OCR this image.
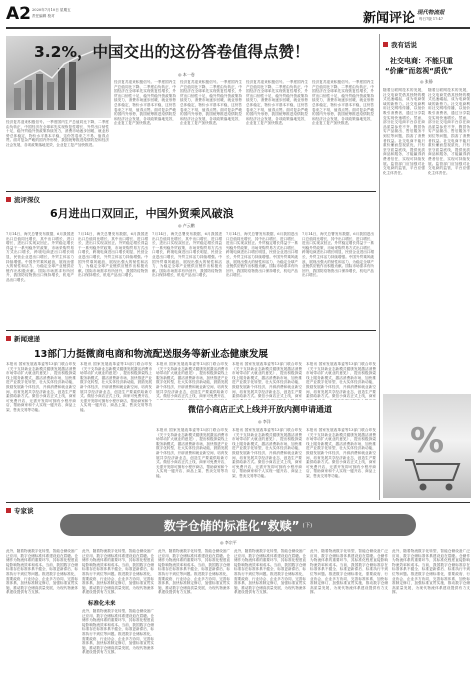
A2 2020年7月10日 星期五
责任编辑 校对	新闻评论 现代物流报
每日7版 17:47
3.2%，中国交出的这份答卷值得点赞！
◎ 本一卷
经济复苏迎来积极信号。一季度国内生产总值同比下降，二季度由负转正，中国经济在全球率先实现恢复性增长，外贸出口韧性十足，稳外贸稳外资政策持续发力，消费市场逐步回暖，就业形势总体稳定，物价水平基本平稳，这份答卷来之不易，值得点赞。面对复杂严峻的国内外形势，我国统筹推进疫情防控和经济社会发展，各项政策落地见效，企业复工复产加快推进。
经济复苏迎来积极信号。一季度国内生产总值同比下降，二季度由负转正，中国经济在全球率先实现恢复性增长，外贸出口韧性十足，稳外贸稳外资政策持续发力，消费市场逐步回暖，就业形势总体稳定，物价水平基本平稳，这份答卷来之不易，值得点赞。面对复杂严峻的国内外形势，我国统筹推进疫情防控和经济社会发展，各项政策落地见效，企业复工复产加快推进。
经济复苏迎来积极信号。一季度国内生产总值同比下降，二季度由负转正，中国经济在全球率先实现恢复性增长，外贸出口韧性十足，稳外贸稳外资政策持续发力，消费市场逐步回暖，就业形势总体稳定，物价水平基本平稳，这份答卷来之不易，值得点赞。面对复杂严峻的国内外形势，我国统筹推进疫情防控和经济社会发展，各项政策落地见效，企业复工复产加快推进。
经济复苏迎来积极信号。一季度国内生产总值同比下降，二季度由负转正，中国经济在全球率先实现恢复性增长，外贸出口韧性十足，稳外贸稳外资政策持续发力，消费市场逐步回暖，就业形势总体稳定，物价水平基本平稳，这份答卷来之不易，值得点赞。面对复杂严峻的国内外形势，我国统筹推进疫情防控和经济社会发展，各项政策落地见效，企业复工复产加快推进。
经济复苏迎来积极信号。一季度国内生产总值同比下降，二季度由负转正，中国经济在全球率先实现恢复性增长，外贸出口韧性十足，稳外贸稳外资政策持续发力，消费市场逐步回暖，就业形势总体稳定，物价水平基本平稳，这份答卷来之不易，值得点赞。面对复杂严峻的国内外形势，我国统筹推进疫情防控和经济社会发展，各项政策落地见效，企业复工复产加快推进。
我有话说
社交电商：不能只重
“价廉”而忽视“质优”
◎ 张静
随着互联网技术的发展，社交电商凭借其独特的模式迅速崛起，成为电商领域的新势力。社交电商利用社交网络传播，以低价吸引消费者，通过分享裂变实现快速增长。然而，部分社交电商平台存在商品质量参差不齐、假冒伪劣产品频出、售后服务不到位等问题，损害了消费者权益。社交电商不能只重价廉而忽视质优，只有坚守质量底线，提供优质商品和服务，才能赢得消费者信任，实现可持续发展。监管部门应加强对社交电商的监管，平台应强化主体责任。
随着互联网技术的发展，社交电商凭借其独特的模式迅速崛起，成为电商领域的新势力。社交电商利用社交网络传播，以低价吸引消费者，通过分享裂变实现快速增长。然而，部分社交电商平台存在商品质量参差不齐、假冒伪劣产品频出、售后服务不到位等问题，损害了消费者权益。社交电商不能只重价廉而忽视质优，只有坚守质量底线，提供优质商品和服务，才能赢得消费者信任，实现可持续发展。监管部门应加强对社交电商的监管，平台应强化主体责任。
%
流评深仪
6月进出口双回正，中国外贸乘风破浪
◎ 卢云鹏
7月14日，海关总署发布数据，6月我国进出口总值同比增长，其中出口增长，进口增长，进出口实现双回正。外贸稳定增长得益于一系列稳外贸政策，市场采购贸易方式出口增长，跨境电商进出口增长明显，民营企业进出口增长，外贸主体活力持续增强。中国外贸乘风破浪，展现出强大的韧性和活力，为稳定全球产业链供应链作出积极贡献。国际市场需求有所回升，我国防疫物资出口保持增长，机电产品出口增长。
7月14日，海关总署发布数据，6月我国进出口总值同比增长，其中出口增长，进口增长，进出口实现双回正。外贸稳定增长得益于一系列稳外贸政策，市场采购贸易方式出口增长，跨境电商进出口增长明显，民营企业进出口增长，外贸主体活力持续增强。中国外贸乘风破浪，展现出强大的韧性和活力，为稳定全球产业链供应链作出积极贡献。国际市场需求有所回升，我国防疫物资出口保持增长，机电产品出口增长。
7月14日，海关总署发布数据，6月我国进出口总值同比增长，其中出口增长，进口增长，进出口实现双回正。外贸稳定增长得益于一系列稳外贸政策，市场采购贸易方式出口增长，跨境电商进出口增长明显，民营企业进出口增长，外贸主体活力持续增强。中国外贸乘风破浪，展现出强大的韧性和活力，为稳定全球产业链供应链作出积极贡献。国际市场需求有所回升，我国防疫物资出口保持增长，机电产品出口增长。
7月14日，海关总署发布数据，6月我国进出口总值同比增长，其中出口增长，进口增长，进出口实现双回正。外贸稳定增长得益于一系列稳外贸政策，市场采购贸易方式出口增长，跨境电商进出口增长明显，民营企业进出口增长，外贸主体活力持续增强。中国外贸乘风破浪，展现出强大的韧性和活力，为稳定全球产业链供应链作出积极贡献。国际市场需求有所回升，我国防疫物资出口保持增长，机电产品出口增长。
7月14日，海关总署发布数据，6月我国进出口总值同比增长，其中出口增长，进口增长，进出口实现双回正。外贸稳定增长得益于一系列稳外贸政策，市场采购贸易方式出口增长，跨境电商进出口增长明显，民营企业进出口增长，外贸主体活力持续增强。中国外贸乘风破浪，展现出强大的韧性和活力，为稳定全球产业链供应链作出积极贡献。国际市场需求有所回升，我国防疫物资出口保持增长，机电产品出口增长。
新闻速递
13部门力挺微商电商和物流配送服务等新业态健康发展
本报讯 国家发展改革委等13部门联合印发《关于支持新业态新模式健康发展激活消费市场带动扩大就业的意见》，提出积极探索线上服务新模式，激活消费新市场，加快推进产业数字化转型，壮大实体经济新动能，鼓励发展新个体经济，开辟消费和就业新空间，培育发展共享经济新业态，创造生产要素供给新方式。微信小商店正式上线，商家可免费开店，无需开发即可拥有小程序商店，帮助商家和个人实现一键开店、商品上架、售卖交易等功能。
本报讯 国家发展改革委等13部门联合印发《关于支持新业态新模式健康发展激活消费市场带动扩大就业的意见》，提出积极探索线上服务新模式，激活消费新市场，加快推进产业数字化转型，壮大实体经济新动能，鼓励发展新个体经济，开辟消费和就业新空间，培育发展共享经济新业态，创造生产要素供给新方式。微信小商店正式上线，商家可免费开店，无需开发即可拥有小程序商店，帮助商家和个人实现一键开店、商品上架、售卖交易等功能。
本报讯 国家发展改革委等13部门联合印发《关于支持新业态新模式健康发展激活消费市场带动扩大就业的意见》，提出积极探索线上服务新模式，激活消费新市场，加快推进产业数字化转型，壮大实体经济新动能，鼓励发展新个体经济，开辟消费和就业新空间，培育发展共享经济新业态，创造生产要素供给新方式。微信小商店正式上线，商家可免费开店，
本报讯 国家发展改革委等13部门联合印发《关于支持新业态新模式健康发展激活消费市场带动扩大就业的意见》，提出积极探索线上服务新模式，激活消费新市场，加快推进产业数字化转型，壮大实体经济新动能，鼓励发展新个体经济，开辟消费和就业新空间，培育发展共享经济新业态，创造生产要素供给新方式。微信小商店正式上线，商家
本报讯 国家发展改革委等13部门联合印发《关于支持新业态新模式健康发展激活消费市场带动扩大就业的意见》，提出积极探索线上服务新模式，激活消费新市场，加快推进产业数字化转型，壮大实体经济新动能，鼓励发展新个体经济，开辟消费和就业新空间，培育发展共享经济新业态，创造生产要素供给新方式。微信小商店正式上线，商家
微信小商店正式上线并开放内测申请通道
◎ 李洋
本报讯 国家发展改革委等13部门联合印发《关于支持新业态新模式健康发展激活消费市场带动扩大就业的意见》，提出积极探索线上服务新模式，激活消费新市场，加快推进产业数字化转型，壮大实体经济新动能，鼓励发展新个体经济，开辟消费和就业新空间，培育发展共享经济新业态，创造生产要素供给新方式。微信小商店正式上线，商家可免费开店，无需开发即可拥有小程序商店，帮助商家和个人实现一键开店、商品上架、售卖交易等功能。
本报讯 国家发展改革委等13部门联合印发《关于支持新业态新模式健康发展激活消费市场带动扩大就业的意见》，提出积极探索线上服务新模式，激活消费新市场，加快推进产业数字化转型，壮大实体经济新动能，鼓励发展新个体经济，开辟消费和就业新空间，培育发展共享经济新业态，创造生产要素供给新方式。微信小商店正式上线，商家可免费开店，无需开发即可拥有小程序商店，帮助商家和个人实现一键开店、商品上架、售卖交易等功能。
本报讯 国家发展改革委等13部门联合印发《关于支持新业态新模式健康发展激活消费市场带动扩大就业的意见》，提出积极探索线上服务新模式，激活消费新市场，加快推进产业数字化转型，壮大实体经济新动能，鼓励发展新个体经济，开辟消费和就业新空间，培育发展共享经济新业态，创造生产要素供给新方式。微信小商店正式上线，商家可免费开店，无需开发即可拥有小程序商店，帮助商家和个人实现一键开店、商品上架、售卖交易等功能。
专家谈
数字仓储的标准化“救赎” (下)
◎ 李宗平
此外，随着物流数字化转型，智能仓储设备广泛应用，数字仓储标准体系建设迫在眉睫。仓储作为物流体系的重要环节，其标准化程度直接影响物流效率和成本。当前，我国数字仓储标准存在标准体系不健全、标准更新滞后、标准执行不到位等问题。推进数字仓储标准化，需要政府、行业协会、企业多方协同，完善标准体系，加快标准制定修订，加强标准宣贯实施，推动数字仓储高质量发展，为现代物流体系建设提供有力支撑。
此外，随着物流数字化转型，智能仓储设备广泛应用，数字仓储标准体系建设迫在眉睫。仓储作为物流体系的重要环节，其标准化程度直接影响物流效率和成本。当前，我国数字仓储标准存在标准体系不健全、标准更新滞后、标准执行不到位等问题。推进数字仓储标准化，需要政府、行业协会、企业多方协同，完善标准体系，加快标准制定修订，加强标准宣贯实施，推动数字仓储高质量发展，为现代物流体系建设提供有力支撑。
标准化未来
此外，随着物流数字化转型，智能仓储设备广泛应用，数字仓储标准体系建设迫在眉睫。仓储作为物流体系的重要环节，其标准化程度直接影响物流效率和成本。当前，我国数字仓储标准存在标准体系不健全、标准更新滞后、标准执行不到位等问题。推进数字仓储标准化，需要政府、行业协会、企业多方协同，完善标准体系，加快标准制定修订，加强标准宣贯实施，推动数字仓储高质量发展，为现代物流体系建设提供有力支撑。
此外，随着物流数字化转型，智能仓储设备广泛应用，数字仓储标准体系建设迫在眉睫。仓储作为物流体系的重要环节，其标准化程度直接影响物流效率和成本。当前，我国数字仓储标准存在标准体系不健全、标准更新滞后、标准执行不到位等问题。推进数字仓储标准化，需要政府、行业协会、企业多方协同，完善标准体系，加快标准制定修订，加强标准宣贯实施，推动数字仓储高质量发展，为现代物流体系建设提供有力支撑。
此外，随着物流数字化转型，智能仓储设备广泛应用，数字仓储标准体系建设迫在眉睫。仓储作为物流体系的重要环节，其标准化程度直接影响物流效率和成本。当前，我国数字仓储标准存在标准体系不健全、标准更新滞后、标准执行不到位等问题。推进数字仓储标准化，需要政府、行业协会、企业多方协同，完善标准体系，加快标准制定修订，加强标准宣贯实施，推动数字仓储高质量发展，为现代物流体系建设提供有力支撑。
此外，随着物流数字化转型，智能仓储设备广泛应用，数字仓储标准体系建设迫在眉睫。仓储作为物流体系的重要环节，其标准化程度直接影响物流效率和成本。当前，我国数字仓储标准存在标准体系不健全、标准更新滞后、标准执行不到位等问题。推进数字仓储标准化，需要政府、行业协会、企业多方协同，完善标准体系，加快标准制定修订，加强标准宣贯实施，推动数字仓储高质量发展，为现代物流体系建设提供有力支撑。
此外，随着物流数字化转型，智能仓储设备广泛应用，数字仓储标准体系建设迫在眉睫。仓储作为物流体系的重要环节，其标准化程度直接影响物流效率和成本。当前，我国数字仓储标准存在标准体系不健全、标准更新滞后、标准执行不到位等问题。推进数字仓储标准化，需要政府、行业协会、企业多方协同，完善标准体系，加快标准制定修订，加强标准宣贯实施，推动数字仓储高质量发展，为现代物流体系建设提供有力支撑。
